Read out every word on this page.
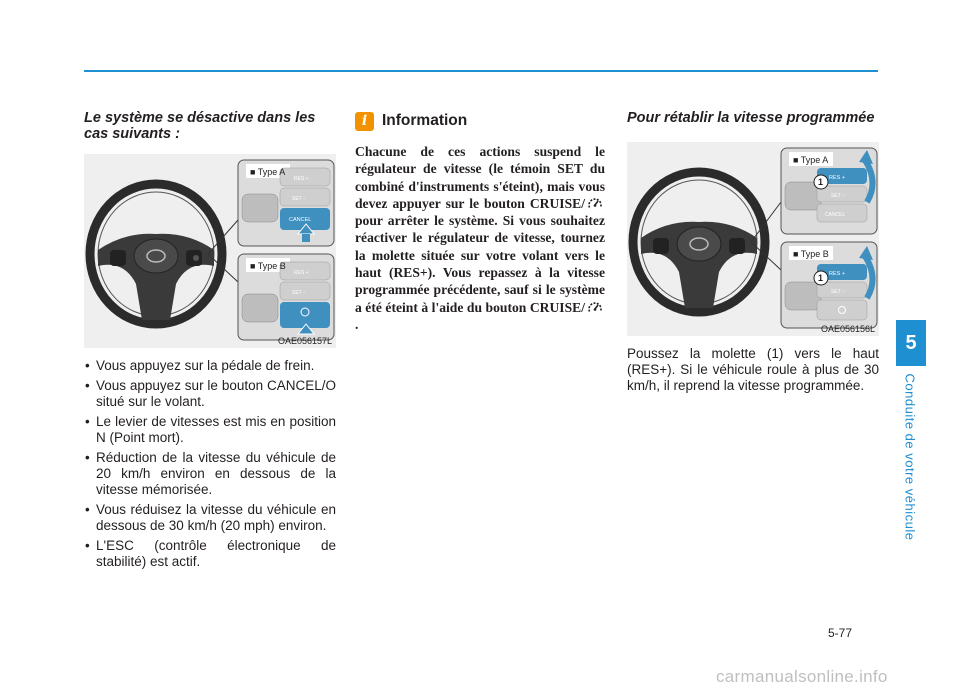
Le système se désactive dans les cas suivants :
■ Type A
RES +
SET −
CANCEL
■ Type B
RES +
SET −
OAE056157L
• Vous appuyez sur la pédale de frein.
• Vous appuyez sur le bouton CANCEL/O situé sur le volant.
• Le levier de vitesses est mis en position N (Point mort).
• Réduction de la vitesse du véhicule de 20 km/h environ en dessous de la vitesse mémorisée.
• Vous réduisez la vitesse du véhicule en dessous de 30 km/h (20 mph) environ.
• L'ESC (contrôle électronique de stabilité) est actif.
i Information

Chacune de ces actions suspend le régulateur de vitesse (le témoin SET du combiné d'instruments s'éteint), mais vous devez appuyer sur le bouton CRUISE/ pour arrêter le système. Si vous souhaitez réactiver le régulateur de vitesse, tournez la molette située sur votre volant vers le haut (RES+). Vous repassez à la vitesse programmée précédente, sauf si le système a été éteint à l'aide du bouton CRUISE/ .

Pour rétablir la vitesse programmée
■ Type A
RES +
SET −
CANCEL
1
■ Type B
RES +
SET −
1
OAE056156L

Poussez la molette (1) vers le haut (RES+). Si le véhicule roule à plus de 30 km/h, il reprend la vitesse programmée.

5
Conduite de votre véhicule
5-77
carmanualsonline.info
